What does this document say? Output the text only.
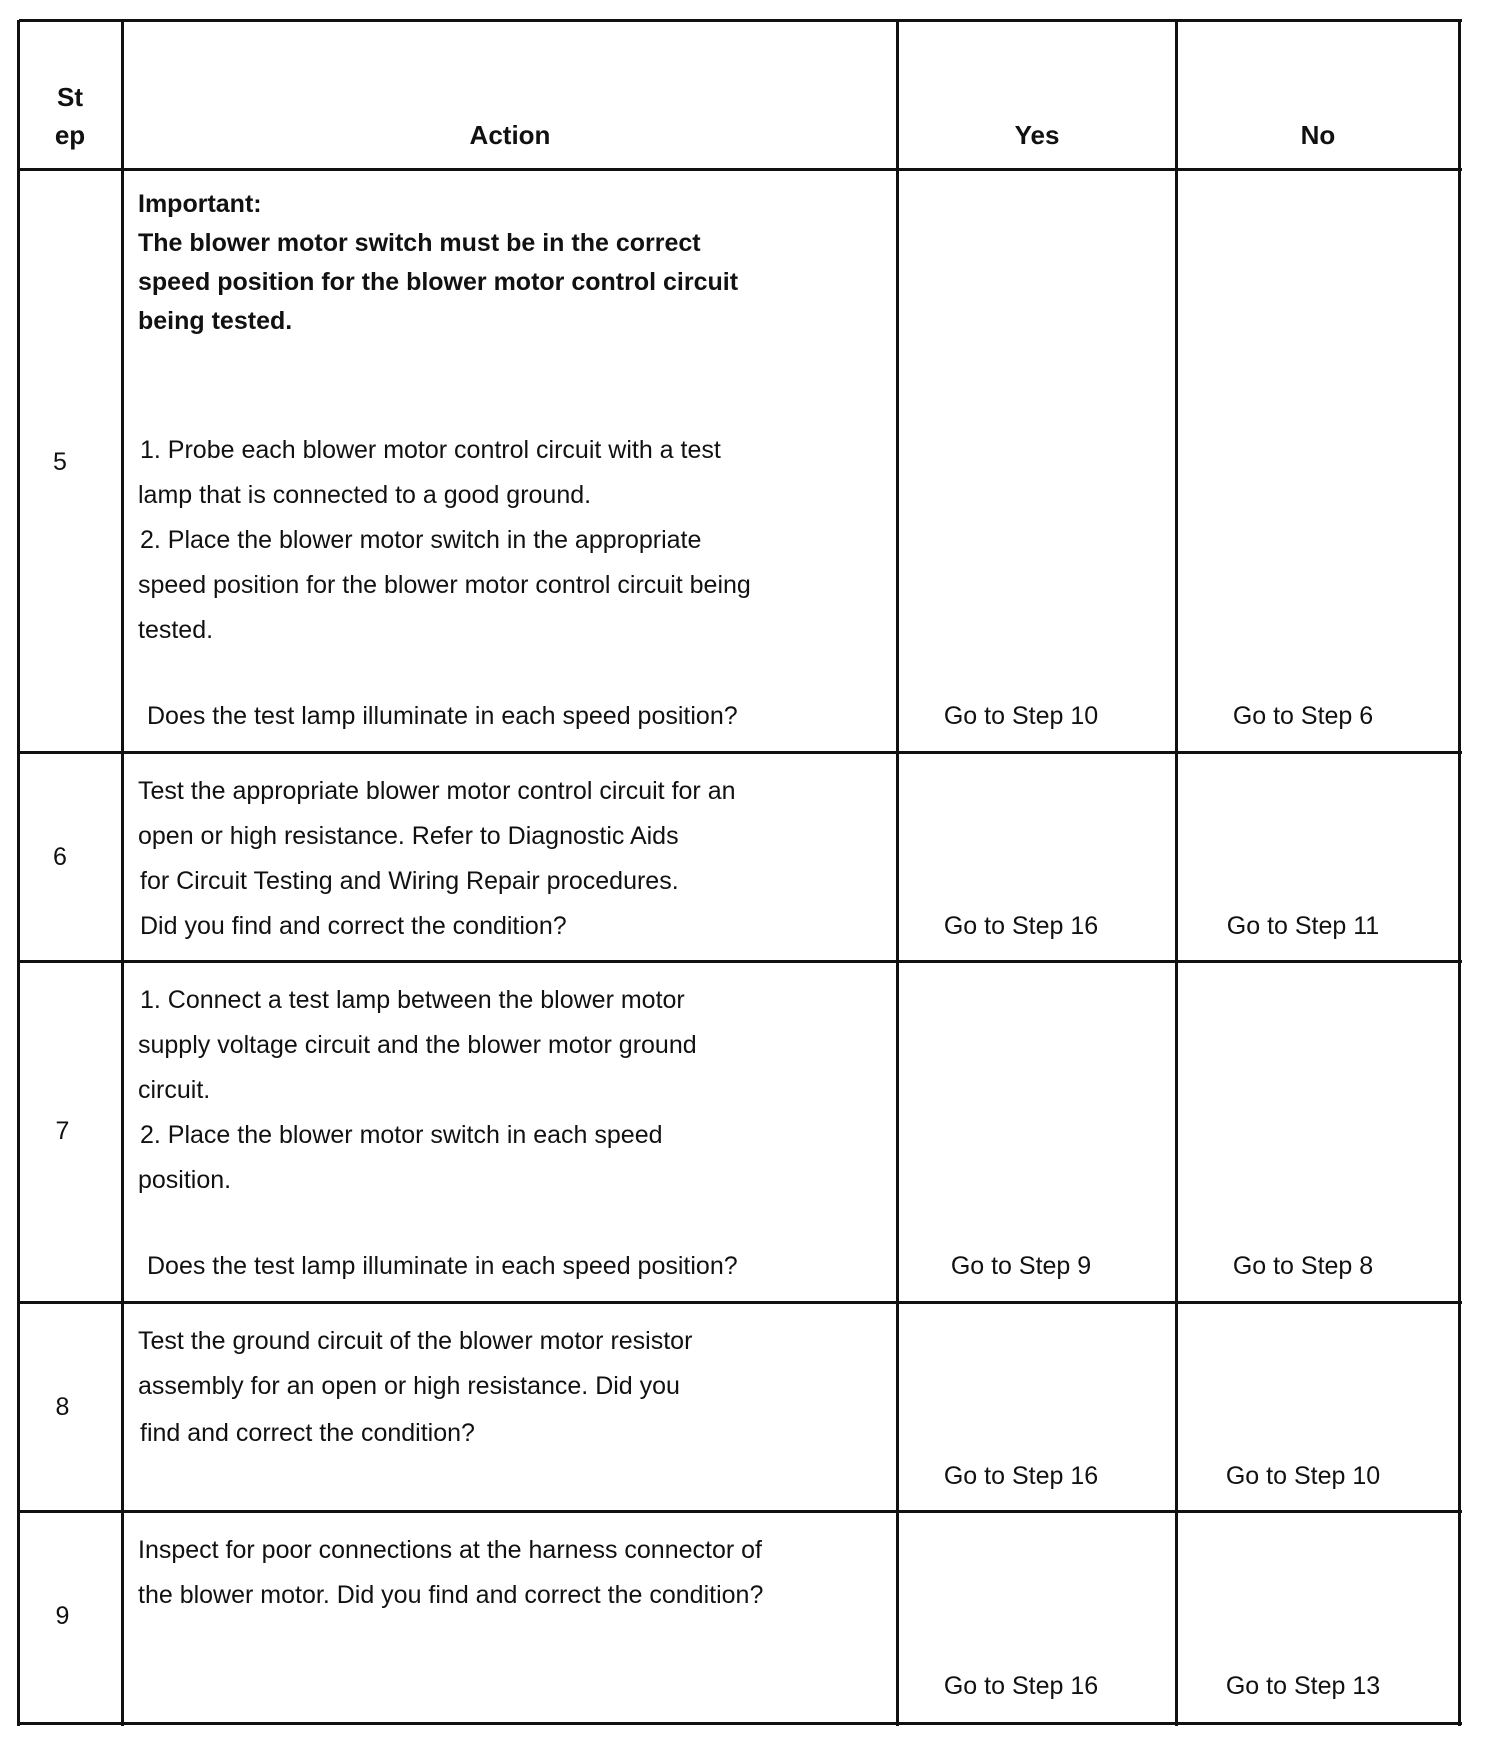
St

ep	Action	Yes	No

5

Important:

The blower motor switch must be in the correct

speed position for the blower motor control circuit

being tested.

1. Probe each blower motor control circuit with a test

lamp that is connected to a good ground.

2. Place the blower motor switch in the appropriate

speed position for the blower motor control circuit being

tested.

Does the test lamp illuminate in each speed position?	Go to Step 10	Go to Step 6

6

Test the appropriate blower motor control circuit for an

open or high resistance. Refer to Diagnostic Aids

for Circuit Testing and Wiring Repair procedures.

Did you find and correct the condition?	Go to Step 16	Go to Step 11

7

1. Connect a test lamp between the blower motor

supply voltage circuit and the blower motor ground

circuit.

2. Place the blower motor switch in each speed

position.

Does the test lamp illuminate in each speed position?	Go to Step 9	Go to Step 8

8

Test the ground circuit of the blower motor resistor

assembly for an open or high resistance. Did you

find and correct the condition?

Go to Step 16	Go to Step 10

9

Inspect for poor connections at the harness connector of

the blower motor. Did you find and correct the condition?

Go to Step 16	Go to Step 13
